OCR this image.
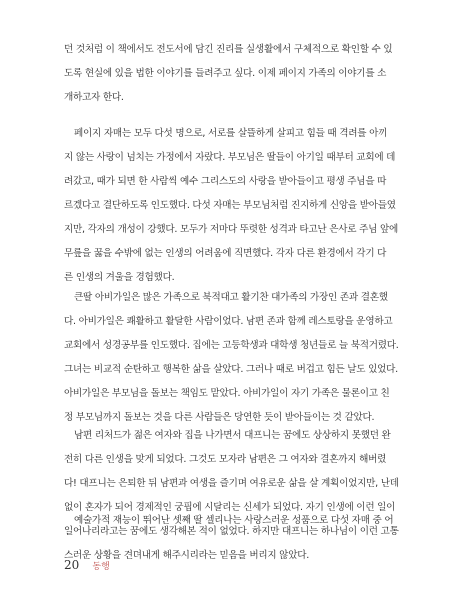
던 것처럼 이 책에서도 전도서에 담긴 진리를 실생활에서 구체적으로 확인할 수 있
도록 현실에 있을 법한 이야기를 들려주고 싶다. 이제 페이지 가족의 이야기를 소
개하고자 한다.
페이지 자매는 모두 다섯 명으로, 서로를 살뜰하게 살피고 힘들 때 격려를 아끼
지 않는 사랑이 넘치는 가정에서 자랐다. 부모님은 딸들이 아기일 때부터 교회에 데
려갔고, 때가 되면 한 사람씩 예수 그리스도의 사랑을 받아들이고 평생 주님을 따
르겠다고 결단하도록 인도했다. 다섯 자매는 부모님처럼 진지하게 신앙을 받아들였
지만, 각자의 개성이 강했다. 모두가 저마다 뚜렷한 성격과 타고난 은사로 주님 앞에
무릎을 꿇을 수밖에 없는 인생의 어려움에 직면했다. 각자 다른 환경에서 각기 다
른 인생의 겨울을 경험했다.
큰딸 아비가일은 많은 가족으로 북적대고 활기찬 대가족의 가장인 존과 결혼했
다. 아비가일은 쾌활하고 활달한 사람이었다. 남편 존과 함께 레스토랑을 운영하고
교회에서 성경공부를 인도했다. 집에는 고등학생과 대학생 청년들로 늘 북적거렸다.
그녀는 비교적 순탄하고 행복한 삶을 살았다. 그러나 때로 버겁고 힘든 날도 있었다.
아비가일은 부모님을 돌보는 책임도 맡았다. 아비가일이 자기 가족은 물론이고 친
정 부모님까지 돌보는 것을 다른 사람들은 당연한 듯이 받아들이는 것 같았다.
남편 리처드가 젊은 여자와 집을 나가면서 대프니는 꿈에도 상상하지 못했던 완
전히 다른 인생을 맞게 되었다. 그것도 모자라 남편은 그 여자와 결혼까지 해버렸
다! 대프니는 은퇴한 뒤 남편과 여생을 즐기며 여유로운 삶을 살 계획이었지만, 난데
없이 혼자가 되어 경제적인 궁핍에 시달리는 신세가 되었다. 자기 인생에 이런 일이
일어나리라고는 꿈에도 생각해본 적이 없었다. 하지만 대프니는 하나님이 이런 고통
스러운 상황을 견뎌내게 해주시리라는 믿음을 버리지 않았다.
예술가적 재능이 뛰어난 셋째 딸 셀리나는 사랑스러운 성품으로 다섯 자매 중 어
20 동행
